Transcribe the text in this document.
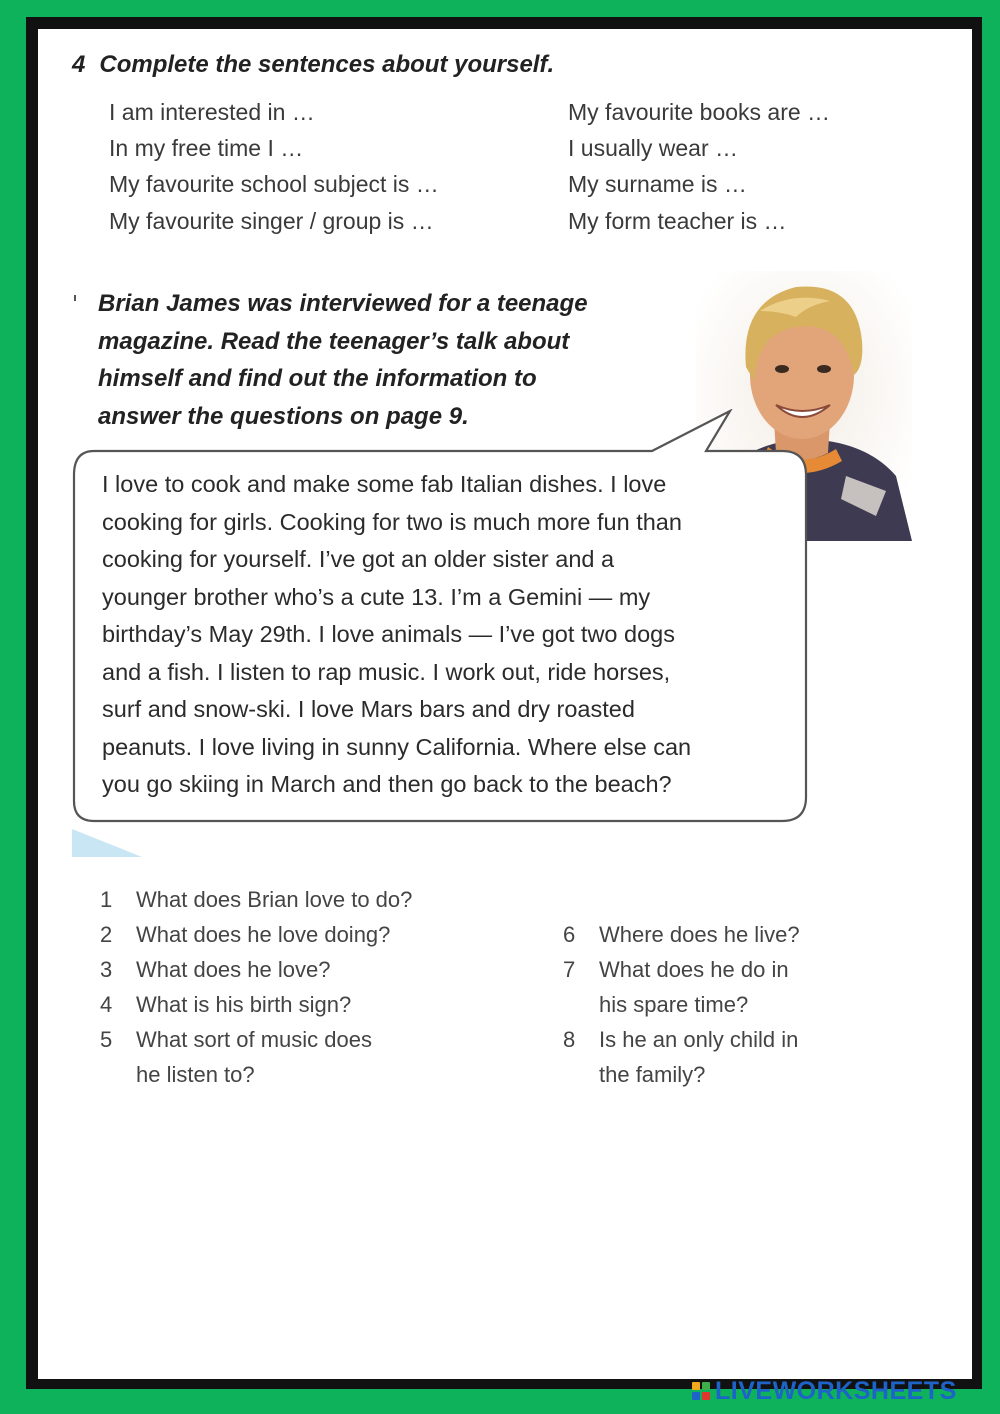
4 Complete the sentences about yourself.

I am interested in …

In my free time I …

My favourite school subject is …

My favourite singer / group is …

My favourite books are …

I usually wear …

My surname is …

My form teacher is …

Brian James was interviewed for a teenage
magazine. Read the teenager’s talk about
himself and find out the information to
answer the questions on page 9.

I love to cook and make some fab Italian dishes. I love

cooking for girls. Cooking for two is much more fun than

cooking for yourself. I’ve got an older sister and a

younger brother who’s a cute 13. I’m a Gemini — my

birthday’s May 29th. I love animals — I’ve got two dogs

and a fish. I listen to rap music. I work out, ride horses,

surf and snow-ski. I love Mars bars and dry roasted

peanuts. I love living in sunny California. Where else can

you go skiing in March and then go back to the beach?

1 What does Brian love to do?

2 What does he love doing?

3 What does he love?

4 What is his birth sign?

5 What sort of music does

he listen to?

6 Where does he live?

7 What does he do in

his spare time?

8 Is he an only child in

the family?

LIVEWORKSHEETS
